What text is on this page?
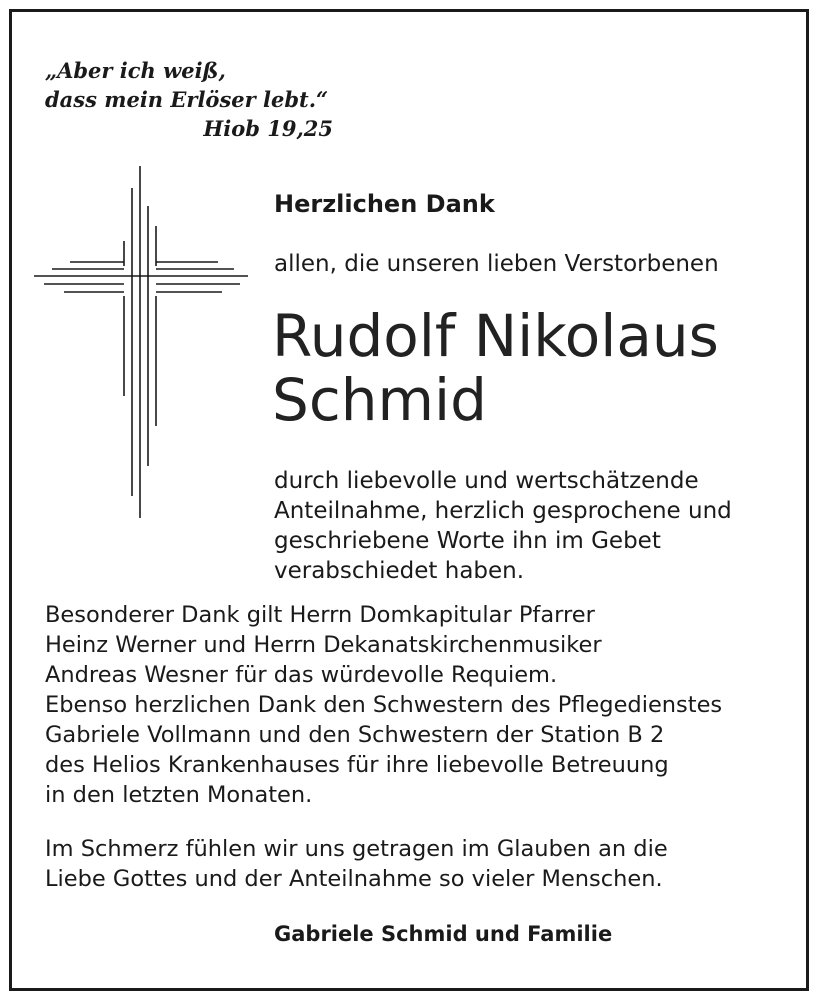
„Aber ich weiß,
dass mein Erlöser lebt.“
Hiob 19,25
Herzlichen Dank
allen, die unseren lieben Verstorbenen
Rudolf Nikolaus
Schmid
durch liebevolle und wertschätzende
Anteilnahme, herzlich gesprochene und
geschriebene Worte ihn im Gebet
verabschiedet haben.
Besonderer Dank gilt Herrn Domkapitular Pfarrer
Heinz Werner und Herrn Dekanatskirchenmusiker
Andreas Wesner für das würdevolle Requiem.
Ebenso herzlichen Dank den Schwestern des Pflegedienstes
Gabriele Vollmann und den Schwestern der Station B 2
des Helios Krankenhauses für ihre liebevolle Betreuung
in den letzten Monaten.
Im Schmerz fühlen wir uns getragen im Glauben an die
Liebe Gottes und der Anteilnahme so vieler Menschen.
Gabriele Schmid und Familie
